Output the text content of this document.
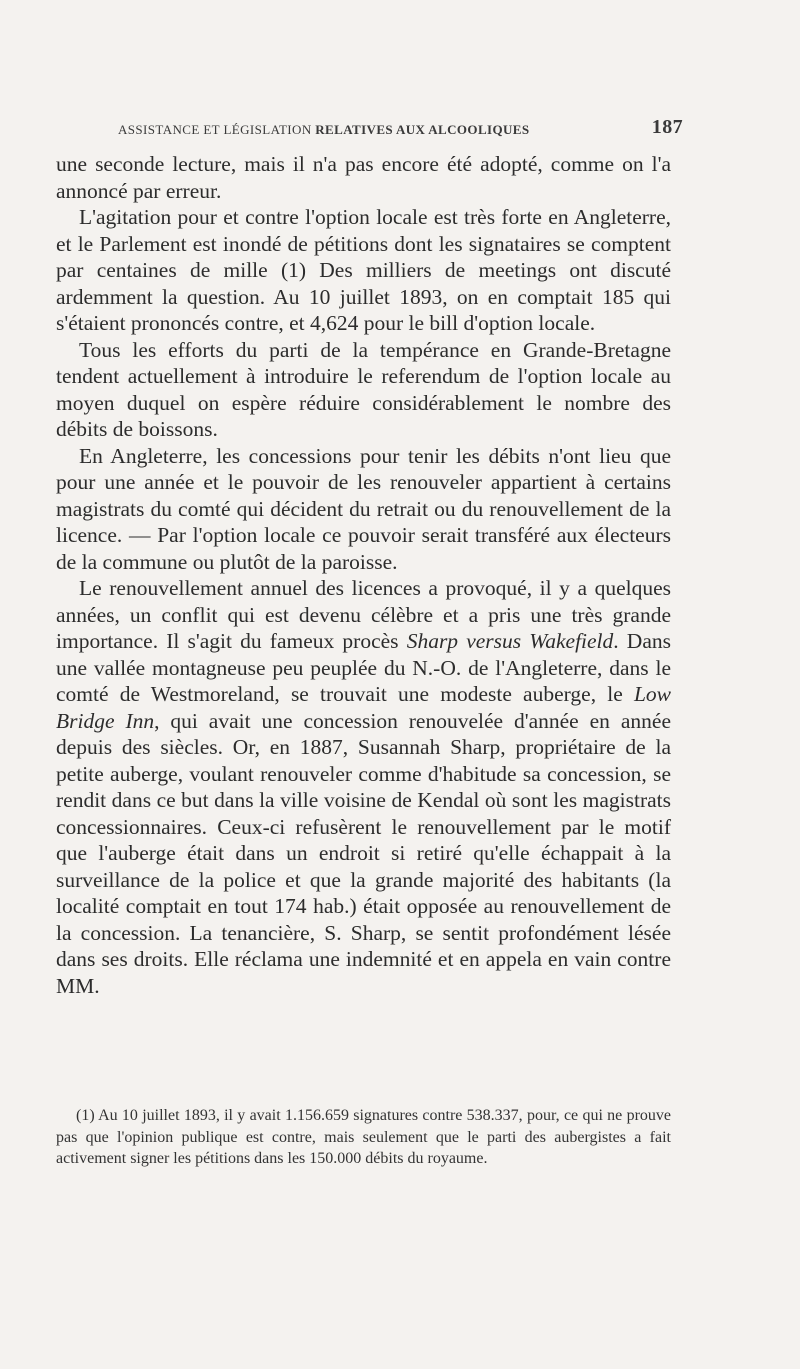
ASSISTANCE ET LÉGISLATION RELATIVES AUX ALCOOLIQUES	187

une seconde lecture, mais il n'a pas encore été adopté, comme on l'a annoncé par erreur.

L'agitation pour et contre l'option locale est très forte en Angleterre, et le Parlement est inondé de pétitions dont les signataires se comptent par centaines de mille (1) Des milliers de meetings ont discuté ardemment la question. Au 10 juillet 1893, on en comptait 185 qui s'étaient prononcés contre, et 4,624 pour le bill d'option locale.

Tous les efforts du parti de la tempérance en Grande-Bretagne tendent actuellement à introduire le referendum de l'option locale au moyen duquel on espère réduire considérablement le nombre des débits de boissons.

En Angleterre, les concessions pour tenir les débits n'ont lieu que pour une année et le pouvoir de les renouveler appartient à certains magistrats du comté qui décident du retrait ou du renouvellement de la licence. — Par l'option locale ce pouvoir serait transféré aux électeurs de la commune ou plutôt de la paroisse.

Le renouvellement annuel des licences a provoqué, il y a quelques années, un conflit qui est devenu célèbre et a pris une très grande importance. Il s'agit du fameux procès Sharp versus Wakefield. Dans une vallée montagneuse peu peuplée du N.-O. de l'Angleterre, dans le comté de Westmoreland, se trouvait une modeste auberge, le Low Bridge Inn, qui avait une concession renouvelée d'année en année depuis des siècles. Or, en 1887, Susannah Sharp, propriétaire de la petite auberge, voulant renouveler comme d'habitude sa concession, se rendit dans ce but dans la ville voisine de Kendal où sont les magistrats concessionnaires. Ceux-ci refusèrent le renouvellement par le motif que l'auberge était dans un endroit si retiré qu'elle échappait à la surveillance de la police et que la grande majorité des habitants (la localité comptait en tout 174 hab.) était opposée au renouvellement de la concession. La tenancière, S. Sharp, se sentit profondément lésée dans ses droits. Elle réclama une indemnité et en appela en vain contre MM.

(1) Au 10 juillet 1893, il y avait 1.156.659 signatures contre 538.337, pour, ce qui ne prouve pas que l'opinion publique est contre, mais seulement que le parti des aubergistes a fait activement signer les pétitions dans les 150.000 débits du royaume.
